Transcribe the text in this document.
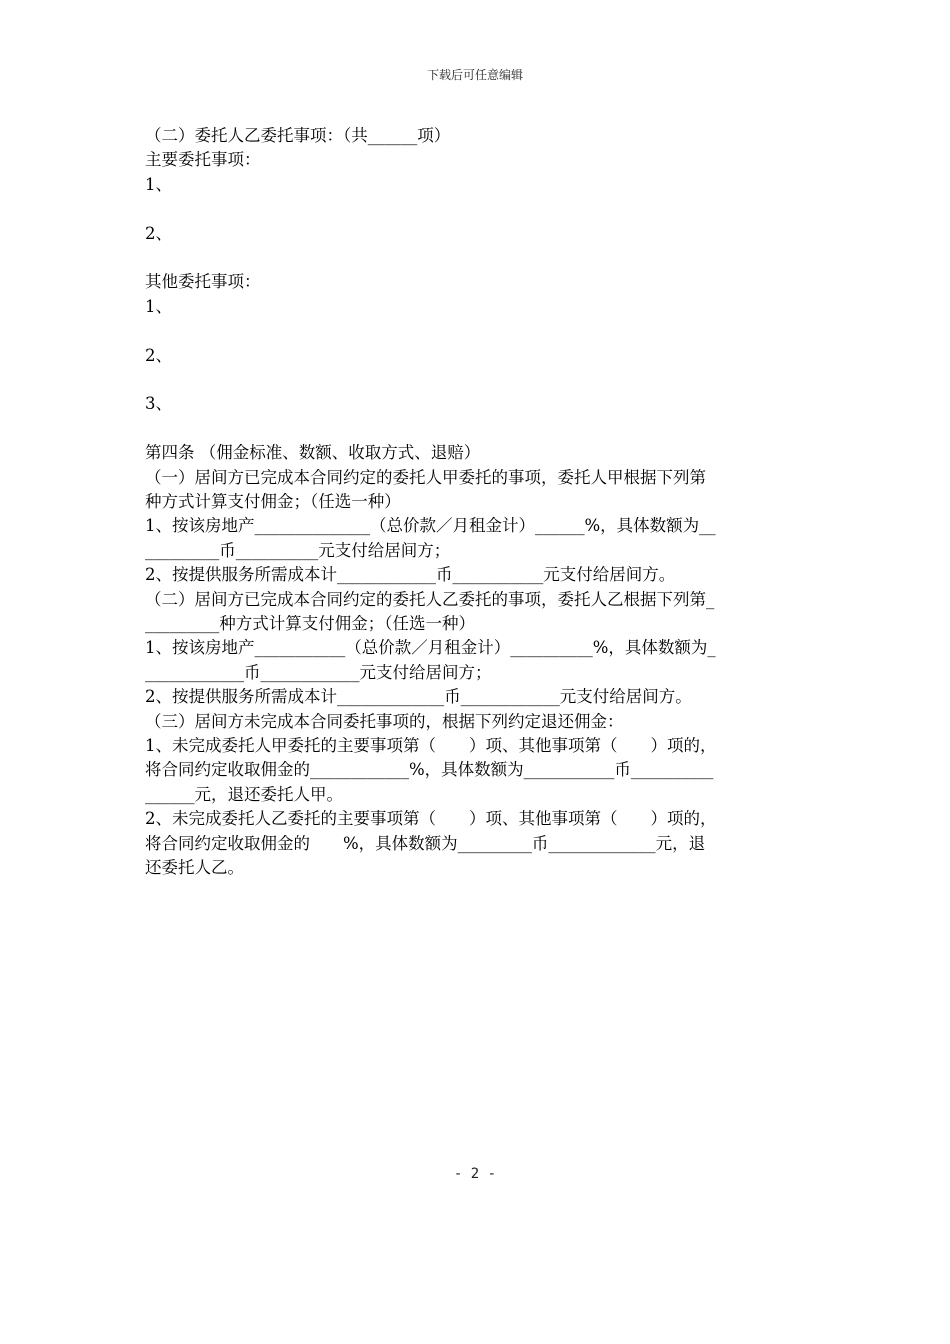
下载后可任意编辑

（二）委托人乙委托事项：（共______项）

主要委托事项：

1、

2、

其他委托事项：

1、

2、

3、

第四条 （佣金标准、数额、收取方式、退赔）

（一）居间方已完成本合同约定的委托人甲委托的事项，委托人甲根据下列第

种方式计算支付佣金；（任选一种）

1、按该房地产______________（总价款／月租金计）______%，具体数额为__

_________币__________元支付给居间方；

2、按提供服务所需成本计____________币___________元支付给居间方。

（二）居间方已完成本合同约定的委托人乙委托的事项，委托人乙根据下列第_

_________种方式计算支付佣金；（任选一种）

1、按该房地产___________（总价款／月租金计）__________%，具体数额为_

____________币____________元支付给居间方；

2、按提供服务所需成本计_____________币____________元支付给居间方。

（三）居间方未完成本合同委托事项的，根据下列约定退还佣金：

1、未完成委托人甲委托的主要事项第（　　）项、其他事项第（　　）项的，

将合同约定收取佣金的____________%，具体数额为___________币__________

______元，退还委托人甲。

2、未完成委托人乙委托的主要事项第（　　）项、其他事项第（　　）项的，

将合同约定收取佣金的　　%，具体数额为_________币_____________元，退

还委托人乙。

- 2 -
